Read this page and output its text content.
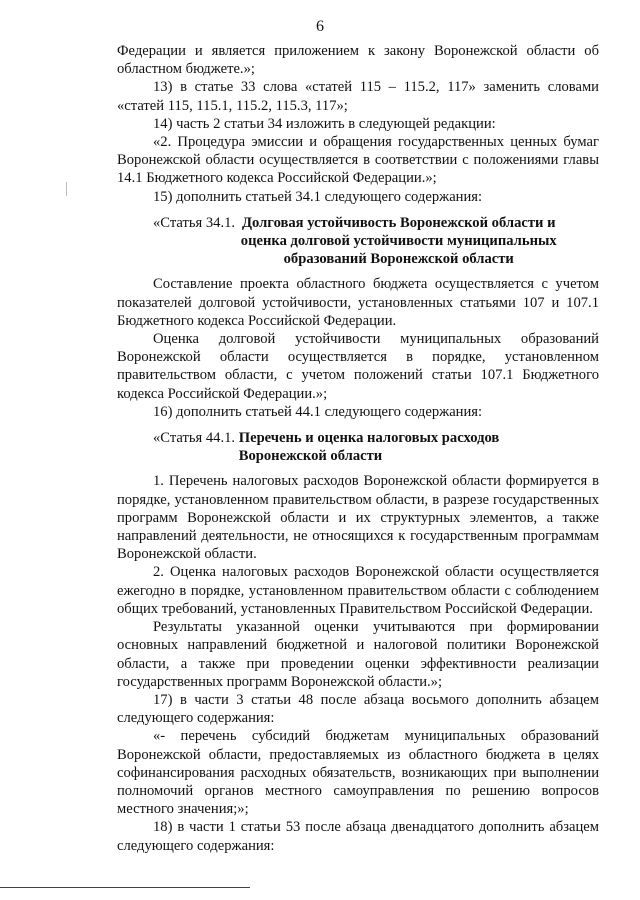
6

Федерации и является приложением к закону Воронежской области об областном бюджете.»;

13) в статье 33 слова «статей 115 – 115.2, 117» заменить словами «статей 115, 115.1, 115.2, 115.3, 117»;

14) часть 2 статьи 34 изложить в следующей редакции:

«2. Процедура эмиссии и обращения государственных ценных бумаг Воронежской области осуществляется в соответствии с положениями главы 14.1 Бюджетного кодекса Российской Федерации.»;

15) дополнить статьей 34.1 следующего содержания:

«Статья 34.1. Долговая устойчивость Воронежской области и оценка долговой устойчивости муниципальных образований Воронежской области

Составление проекта областного бюджета осуществляется с учетом показателей долговой устойчивости, установленных статьями 107 и 107.1 Бюджетного кодекса Российской Федерации.

Оценка долговой устойчивости муниципальных образований Воронежской области осуществляется в порядке, установленном правительством области, с учетом положений статьи 107.1 Бюджетного кодекса Российской Федерации.»;

16) дополнить статьей 44.1 следующего содержания:

«Статья 44.1. Перечень и оценка налоговых расходов Воронежской области

1. Перечень налоговых расходов Воронежской области формируется в порядке, установленном правительством области, в разрезе государственных программ Воронежской области и их структурных элементов, а также направлений деятельности, не относящихся к государственным программам Воронежской области.

2. Оценка налоговых расходов Воронежской области осуществляется ежегодно в порядке, установленном правительством области с соблюдением общих требований, установленных Правительством Российской Федерации.

Результаты указанной оценки учитываются при формировании основных направлений бюджетной и налоговой политики Воронежской области, а также при проведении оценки эффективности реализации государственных программ Воронежской области.»;

17) в части 3 статьи 48 после абзаца восьмого дополнить абзацем следующего содержания:

«- перечень субсидий бюджетам муниципальных образований Воронежской области, предоставляемых из областного бюджета в целях софинансирования расходных обязательств, возникающих при выполнении полномочий органов местного самоуправления по решению вопросов местного значения;»;

18) в части 1 статьи 53 после абзаца двенадцатого дополнить абзацем следующего содержания:
